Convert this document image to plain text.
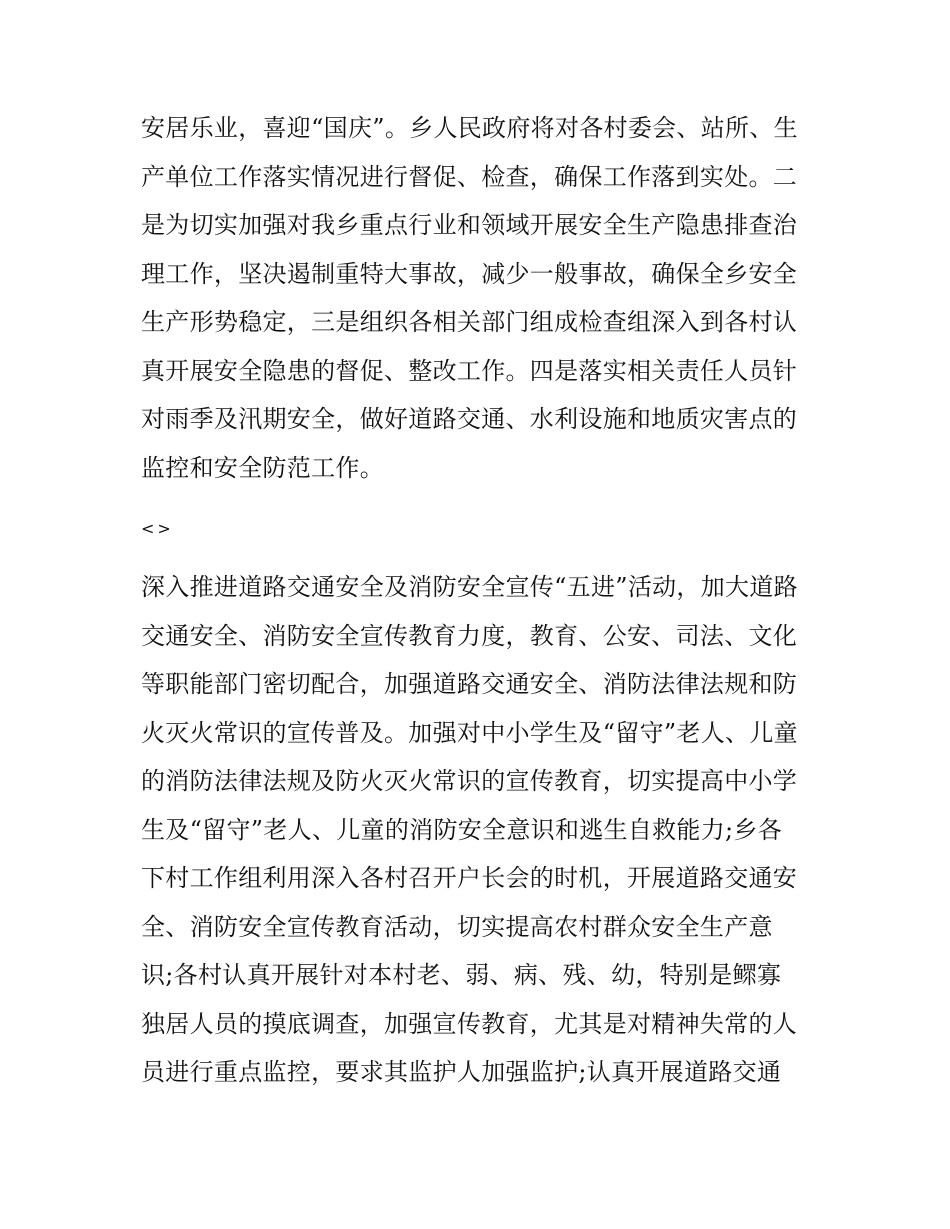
安居乐业，喜迎“国庆”。乡人民政府将对各村委会、站所、生
产单位工作落实情况进行督促、检查，确保工作落到实处。二
是为切实加强对我乡重点行业和领域开展安全生产隐患排查治
理工作，坚决遏制重特大事故，减少一般事故，确保全乡安全
生产形势稳定，三是组织各相关部门组成检查组深入到各村认
真开展安全隐患的督促、整改工作。四是落实相关责任人员针
对雨季及汛期安全，做好道路交通、水利设施和地质灾害点的
监控和安全防范工作。
<>
深入推进道路交通安全及消防安全宣传“五进”活动，加大道路
交通安全、消防安全宣传教育力度，教育、公安、司法、文化
等职能部门密切配合，加强道路交通安全、消防法律法规和防
火灭火常识的宣传普及。加强对中小学生及“留守”老人、儿童
的消防法律法规及防火灭火常识的宣传教育，切实提高中小学
生及“留守”老人、儿童的消防安全意识和逃生自救能力;乡各
下村工作组利用深入各村召开户长会的时机，开展道路交通安
全、消防安全宣传教育活动，切实提高农村群众安全生产意
识;各村认真开展针对本村老、弱、病、残、幼，特别是鳏寡
独居人员的摸底调查，加强宣传教育，尤其是对精神失常的人
员进行重点监控，要求其监护人加强监护;认真开展道路交通
